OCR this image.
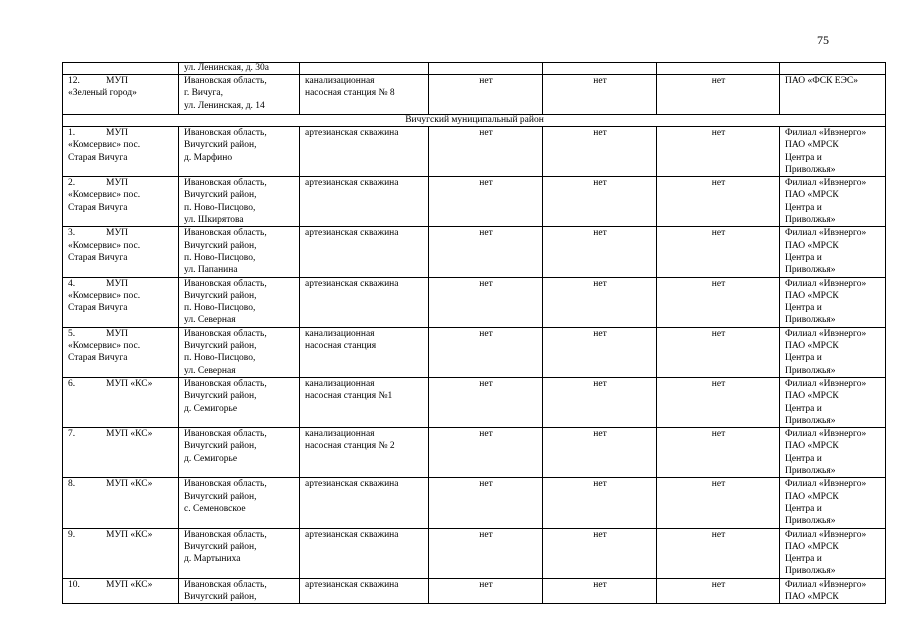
75
	ул. Ленинская, д. 30а					
12. МУП
«Зеленый город»	Ивановская область,
г. Вичуга,
ул. Ленинская, д. 14	канализационная
насосная станция № 8	нет	нет	нет	ПАО «ФСК ЕЭС»

Вичугский муниципальный район						
1. МУП
«Комсервис» пос.
Старая Вичуга	Ивановская область,
Вичугский район,
д. Марфино	артезианская скважина	нет	нет	нет	Филиал «Ивэнерго»
ПАО «МРСК
Центра и
Приволжья»

2. МУП
«Комсервис» пос.
Старая Вичуга	Ивановская область,
Вичугский район,
п. Ново-Писцово,
ул. Шкирятова	артезианская скважина	нет	нет	нет	Филиал «Ивэнерго»
ПАО «МРСК
Центра и
Приволжья»

3. МУП
«Комсервис» пос.
Старая Вичуга	Ивановская область,
Вичугский район,
п. Ново-Писцово,
ул. Папанина	артезианская скважина	нет	нет	нет	Филиал «Ивэнерго»
ПАО «МРСК
Центра и
Приволжья»

4. МУП
«Комсервис» пос.
Старая Вичуга	Ивановская область,
Вичугский район,
п. Ново-Писцово,
ул. Северная	артезианская скважина	нет	нет	нет	Филиал «Ивэнерго»
ПАО «МРСК
Центра и
Приволжья»

5. МУП
«Комсервис» пос.
Старая Вичуга	Ивановская область,
Вичугский район,
п. Ново-Писцово,
ул. Северная	канализационная
насосная станция	нет	нет	нет	Филиал «Ивэнерго»
ПАО «МРСК
Центра и
Приволжья»

6. МУП «КС»	Ивановская область,
Вичугский район,
д. Семигорье	канализационная
насосная станция №1	нет	нет	нет	Филиал «Ивэнерго»
ПАО «МРСК
Центра и
Приволжья»

7. МУП «КС»	Ивановская область,
Вичугский район,
д. Семигорье	канализационная
насосная станция № 2	нет	нет	нет	Филиал «Ивэнерго»
ПАО «МРСК
Центра и
Приволжья»

8. МУП «КС»	Ивановская область,
Вичугский район,
с. Семеновское	артезианская скважина	нет	нет	нет	Филиал «Ивэнерго»
ПАО «МРСК
Центра и
Приволжья»

9. МУП «КС»	Ивановская область,
Вичугский район,
д. Мартыниха	артезианская скважина	нет	нет	нет	Филиал «Ивэнерго»
ПАО «МРСК
Центра и
Приволжья»

10. МУП «КС»	Ивановская область,
Вичугский район,	артезианская скважина	нет	нет	нет	Филиал «Ивэнерго»
ПАО «МРСК
